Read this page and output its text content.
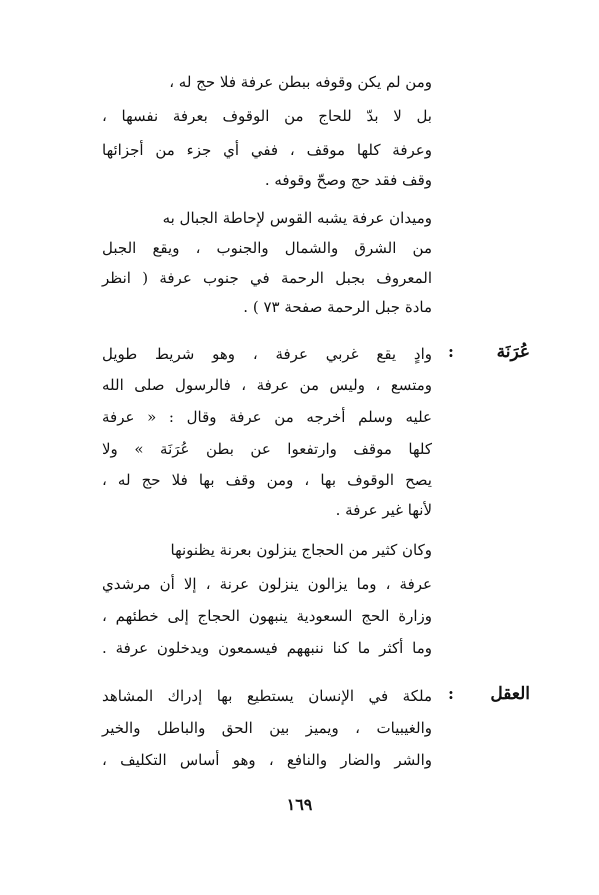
ومن لم يكن وقوفه ببطن عرفة فلا حج له ،
بل لا بدّ للحاج من الوقوف بعرفة نفسها ،
وعرفة كلها موقف ، ففي أي جزء من أجزائها
وقف فقد حج وصحّ وقوفه .
وميدان عرفة يشبه القوس لإحاطة الجبال به
من الشرق والشمال والجنوب ، ويقع الجبل
المعروف بجبل الرحمة في جنوب عرفة ( انظر
مادة جبل الرحمة صفحة ٧٣ ) .
عُرَنَة
:
وادٍ يقع غربي عرفة ، وهو شريط طويل
ومتسع ، وليس من عرفة ، فالرسول صلى الله
عليه وسلم أخرجه من عرفة وقال : « عرفة
كلها موقف وارتفعوا عن بطن عُرَنَة » ولا
يصح الوقوف بها ، ومن وقف بها فلا حج له ،
لأنها غير عرفة .
وكان كثير من الحجاج ينزلون بعرنة يظنونها
عرفة ، وما يزالون ينزلون عرنة ، إلا أن مرشدي
وزارة الحج السعودية ينبهون الحجاج إلى خطئهم ،
وما أكثر ما كنا ننبههم فيسمعون ويدخلون عرفة .
العقل
:
ملكة في الإنسان يستطيع بها إدراك المشاهد
والغيبيات ، ويميز بين الحق والباطل والخير
والشر والضار والنافع ، وهو أساس التكليف ،
١٦٩
